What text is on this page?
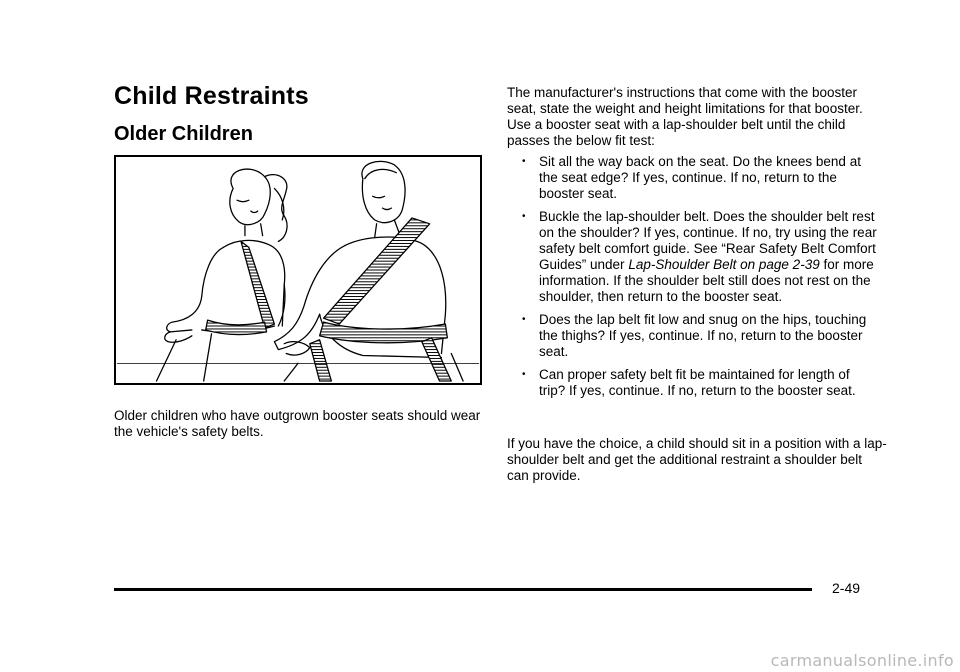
Child Restraints
Older Children

Older children who have outgrown booster seats should wear the vehicle's safety belts.

The manufacturer's instructions that come with the booster seat, state the weight and height limitations for that booster. Use a booster seat with a lap-shoulder belt until the child passes the below fit test:

• Sit all the way back on the seat. Do the knees bend at the seat edge? If yes, continue. If no, return to the booster seat.
• Buckle the lap-shoulder belt. Does the shoulder belt rest on the shoulder? If yes, continue. If no, try using the rear safety belt comfort guide. See “Rear Safety Belt Comfort Guides” under Lap-Shoulder Belt on page 2-39 for more information. If the shoulder belt still does not rest on the shoulder, then return to the booster seat.
• Does the lap belt fit low and snug on the hips, touching the thighs? If yes, continue. If no, return to the booster seat.
• Can proper safety belt fit be maintained for length of trip? If yes, continue. If no, return to the booster seat.

If you have the choice, a child should sit in a position with a lap-shoulder belt and get the additional restraint a shoulder belt can provide.

2-49
carmanualsonline.info
